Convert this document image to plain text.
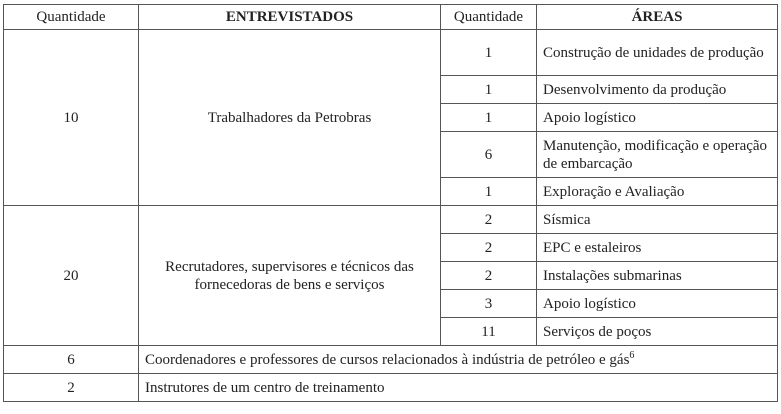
Quantidade	ENTREVISTADOS	Quantidade	ÁREAS
10	Trabalhadores da Petrobras	1	Construção de unidades de produção
		1	Desenvolvimento da produção
		1	Apoio logístico
		6	Manutenção, modificação e operação de embarcação
		1	Exploração e Avaliação
20	Recrutadores, supervisores e técnicos das fornecedoras de bens e serviços	2	Sísmica
		2	EPC e estaleiros
		2	Instalações submarinas
		3	Apoio logístico
		11	Serviços de poços
6	Coordenadores e professores de cursos relacionados à indústria de petróleo e gás$^6$
2	Instrutores de um centro de treinamento		
